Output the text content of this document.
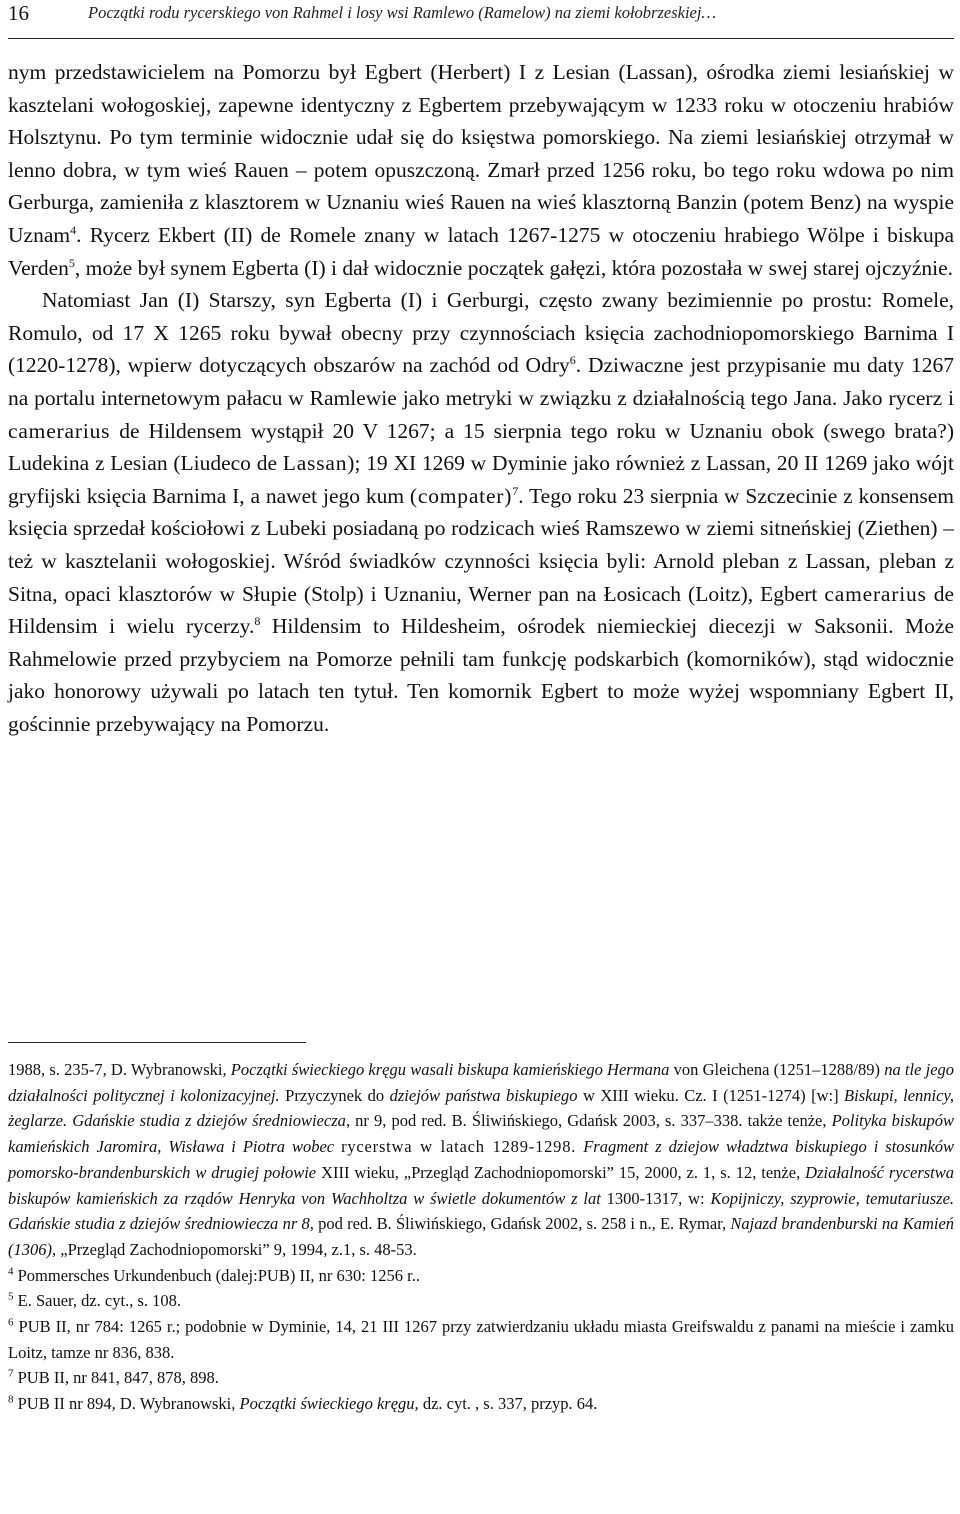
16	Początki rodu rycerskiego von Rahmel i losy wsi Ramlewo (Ramelow) na ziemi kołobrzeskiej…

nym przedstawicielem na Pomorzu był Egbert (Herbert) I z Lesian (Lassan), ośrodka ziemi lesiańskiej w kasztelani wołogoskiej, zapewne identyczny z Egbertem przebywającym w 1233 roku w otoczeniu hrabiów Holsztynu. Po tym terminie widocznie udał się do księstwa pomorskiego. Na ziemi lesiańskiej otrzymał w lenno dobra, w tym wieś Rauen – potem opuszczoną. Zmarł przed 1256 roku, bo tego roku wdowa po nim Gerburga, zamieniła z klasztorem w Uznaniu wieś Rauen na wieś klasztorną Banzin (potem Benz) na wyspie Uznam$^4$. Rycerz Ekbert (II) de Romele znany w latach 1267-1275 w otoczeniu hrabiego Wölpe i biskupa Verden$^5$, może był synem Egberta (I) i dał widocznie początek gałęzi, która pozostała w swej starej ojczyźnie.

Natomiast Jan (I) Starszy, syn Egberta (I) i Gerburgi, często zwany bezimiennie po prostu: Romele, Romulo, od 17 X 1265 roku bywał obecny przy czynnościach księcia zachodniopomorskiego Barnima I (1220-1278), wpierw dotyczących obszarów na zachód od Odry$^6$. Dziwaczne jest przypisanie mu daty 1267 na portalu internetowym pałacu w Ramlewie jako metryki w związku z działalnością tego Jana. Jako rycerz i camerarius de Hildensem wystąpił 20 V 1267; a 15 sierpnia tego roku w Uznaniu obok (swego brata?) Ludekina z Lesian (Liudeco de Lassan); 19 XI 1269 w Dyminie jako również z Lassan, 20 II 1269 jako wójt gryfijski księcia Barnima I, a nawet jego kum (compater)$^7$. Tego roku 23 sierpnia w Szczecinie z konsensem księcia sprzedał kościołowi z Lubeki posiadaną po rodzicach wieś Ramszewo w ziemi sitneńskiej (Ziethen) – też w kasztelanii wołogoskiej. Wśród świadków czynności księcia byli: Arnold pleban z Lassan, pleban z Sitna, opaci klasztorów w Słupie (Stolp) i Uznaniu, Werner pan na Łosicach (Loitz), Egbert camerarius de Hildensim i wielu rycerzy.$^8$ Hildensim to Hildesheim, ośrodek niemieckiej diecezji w Saksonii. Może Rahmelowie przed przybyciem na Pomorze pełnili tam funkcję podskarbich (komorników), stąd widocznie jako honorowy używali po latach ten tytuł. Ten komornik Egbert to może wyżej wspomniany Egbert II, gościnnie przebywający na Pomorzu.

1988, s. 235-7, D. Wybranowski, Początki świeckiego kręgu wasali biskupa kamieńskiego Hermana von Gleichena (1251–1288/89) na tle jego działalności politycznej i kolonizacyjnej. Przyczynek do dziejów państwa biskupiego w XIII wieku. Cz. I (1251-1274) [w:] Biskupi, lennicy, żeglarze. Gdańskie studia z dziejów średniowiecza, nr 9, pod red. B. Śliwińskiego, Gdańsk 2003, s. 337–338. także tenże, Polityka biskupów kamieńskich Jaromira, Wisława i Piotra wobec rycerstwa w latach 1289-1298. Fragment z dziejow władztwa biskupiego i stosunków pomorsko-brandenburskich w drugiej połowie XIII wieku, „Przegląd Zachodniopomorski” 15, 2000, z. 1, s. 12, tenże, Działalność rycerstwa biskupów kamieńskich za rządów Henryka von Wachholtza w świetle dokumentów z lat 1300-1317, w: Kopijniczy, szyprowie, temutariusze. Gdańskie studia z dziejów średniowiecza nr 8, pod red. B. Śliwińskiego, Gdańsk 2002, s. 258 i n., E. Rymar, Najazd brandenburski na Kamień (1306), „Przegląd Zachodniopomorski” 9, 1994, z.1, s. 48-53.

$^4$ Pommersches Urkundenbuch (dalej:PUB) II, nr 630: 1256 r..

$^5$ E. Sauer, dz. cyt., s. 108.

$^6$ PUB II, nr 784: 1265 r.; podobnie w Dyminie, 14, 21 III 1267 przy zatwierdzaniu układu miasta Greifswaldu z panami na mieście i zamku Loitz, tamze nr 836, 838.

$^7$ PUB II, nr 841, 847, 878, 898.

$^8$ PUB II nr 894, D. Wybranowski, Początki świeckiego kręgu, dz. cyt. , s. 337, przyp. 64.
